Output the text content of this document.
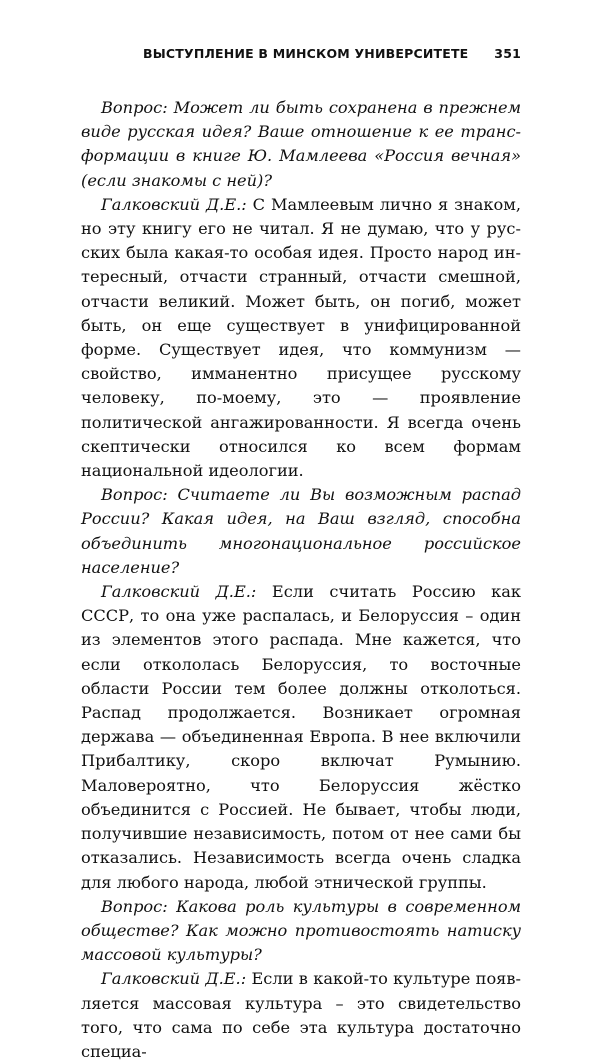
ВЫСТУПЛЕНИЕ В МИНСКОМ УНИВЕРСИТЕТЕ 351

Вопрос: Может ли быть сохранена в прежнем виде русская идея? Ваше отношение к ее трансформации в книге Ю. Мамлеева «Россия вечная» (если знакомы с ней)?

Галковский Д.Е.: С Мамлеевым лично я знаком, но эту книгу его не читал. Я не думаю, что у русских была какая-то особая идея. Просто народ интересный, отчасти странный, отчасти смешной, отчасти великий. Может быть, он погиб, может быть, он еще существует в унифицированной форме. Существует идея, что коммунизм — свойство, имманентно присущее русскому человеку, по-моему, это — проявление политической ангажированности. Я всегда очень скептически относился ко всем формам национальной идеологии.

Вопрос: Считаете ли Вы возможным распад России? Какая идея, на Ваш взгляд, способна объединить многонациональное российское население?

Галковский Д.Е.: Если считать Россию как СССР, то она уже распалась, и Белоруссия – один из элементов этого распада. Мне кажется, что если откoлолась Белоруссия, то восточные области России тем более должны отколоться. Распад продолжается. Возникает огромная держава — объединенная Европа. В нее включили Прибалтику, скоро включат Румынию. Маловероятно, что Белоруссия жёстко объединится с Россией. Не бывает, чтобы люди, получившие независимость, потом от нее сами бы отказались. Независимость всегда очень сладка для любого народа, любой этнической группы.

Вопрос: Какова роль культуры в современном обществе? Как можно противостоять натиску массовой культуры?

Галковский Д.Е.: Если в какой-то культуре появляется массовая культура – это свидетельство того, что сама по себе эта культура достаточно специа-
